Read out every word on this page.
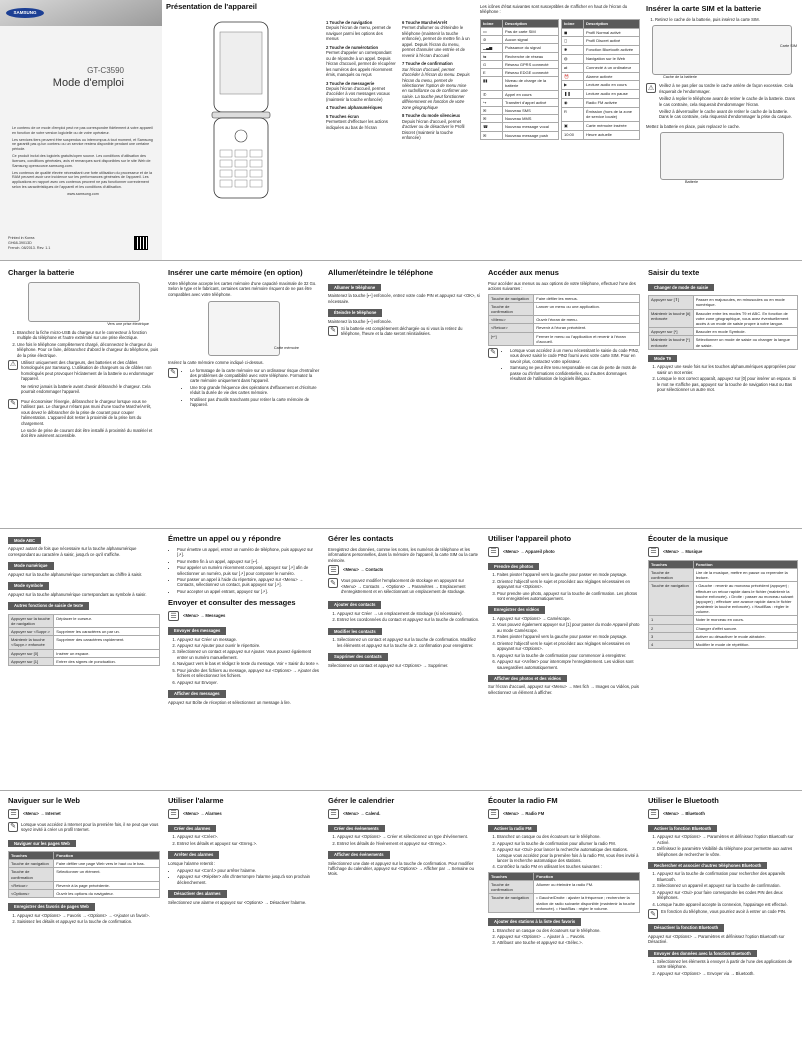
SAMSUNG
GT-C3590
Mode d'emploi

Le contenu de ce mode d'emploi peut ne pas correspondre fidèlement à votre appareil en fonction de votre version logicielle ou de votre opérateur.

Les services tiers peuvent être suspendus ou interrompus à tout moment, et Samsung ne garantit pas qu'un contenu ou un service restera disponible pendant une certaine période.

Ce produit inclut des logiciels gratuits/open source. Les conditions d'utilisation des licences, conditions générales, avis et remarques sont disponibles sur le site Web de Samsung opensource.samsung.com.

Les contenus de qualité élevée nécessitant une forte utilisation du processeur et de la RAM peuvent avoir une incidence sur les performances générales de l'appareil. Les applications en rapport avec ces contenus peuvent ne pas fonctionner correctement selon les caractéristiques de l'appareil et les conditions d'utilisation.

www.samsung.com

Printed in Korea
GH68-39013D
French. 08/2013. Rev. 1.1
Présentation de l'appareil
1 Touche de navigation
Depuis l'écran de menu, permet de naviguer parmi les options des menus
2 Touche de numérotation
Permet d'appeler un correspondant ou de répondre à un appel. Depuis l'écran d'accueil, permet de récupérer les numéros des appels récemment émis, manqués ou reçus
3 Touche de messagerie
Depuis l'écran d'accueil, permet d'accéder à vos messages vocaux (maintenir la touche enfoncée)
4 Touches alphanumériques
5 Touches écran
Permettent d'effectuer les actions indiquées au bas de l'écran
6 Touche Marche/Arrêt
Permet d'allumer ou d'éteindre le téléphone (maintenir la touche enfoncée), permet de mettre fin à un appel. Depuis l'écran du menu, permet d'annuler une entrée et de revenir à l'écran d'accueil
7 Touche de confirmation
Sur l'écran d'accueil, permet d'accéder à l'écran du menu. Depuis l'écran du menu, permet de sélectionner l'option de menu mise en surbrillance ou de confirmer une saisie. La touche peut fonctionner différemment en fonction de votre zone géographique
8 Touche du mode silencieux
Depuis l'écran d'accueil, permet d'activer ou de désactiver le Profil Discret (maintenir la touche enfoncée)

Les icônes d'état suivantes sont susceptibles de s'afficher en haut de l'écran du téléphone :

Icône	Description
▭	Pas de carte SIM
⊘	Aucun signal
▁▃▅	Puissance du signal
⇆	Recherche de réseau
G	Réseau GPRS connecté
E	Réseau EDGE connecté
▮▮	Niveau de charge de la batterie
✆	Appel en cours
↪	Transfert d'appel activé
✉	Nouveau SMS
✉	Nouveau MMS
☎	Nouveau message vocal
✉	Nouveau message push
Icône	Description
◼	Profil Normal activé
◻	Profil Discret activé
✱	Fonction Bluetooth activée
◍	Navigation sur le Web
⇌	Connecté à un ordinateur
⏰	Alarme activée
▶	Lecture audio en cours
❚❚	Lecture audio en pause
◉	Radio FM activée
R	Émission (hors de la zone de service locale)
▣	Carte mémoire insérée
10:00	Heure actuelle
Insérer la carte SIM et la batterie
1. Retirez le cache de la batterie, puis insérez la carte SIM.
Cache de la batterie
Carte SIM
⚠	Veillez à ne pas plier ou tordre le cache arrière de façon excessive. Cela risquerait de l'endommager.

Veillez à replier le téléphone avant de retirer le cache de la batterie. Dans le cas contraire, cela risquerait d'endommager l'écran.

Veillez à déverrouiller le cache avant de retirer le cache de la batterie. Dans le cas contraire, cela risquerait d'endommager la prise du casque.

Mettez la batterie en place, puis replacez le cache.

Batterie
Charger la batterie
Vers une prise électrique
1. Branchez la fiche micro-USB du chargeur sur le connecteur à fonction multiple du téléphone et l'autre extrémité sur une prise électrique.
2. Une fois le téléphone complètement chargé, déconnectez le chargeur du téléphone. Pour ce faire, débranchez d'abord le chargeur du téléphone, puis de la prise électrique.
⚠	Utilisez uniquement des chargeurs, des batteries et des câbles homologués par Samsung. L'utilisation de chargeurs ou de câbles non homologués peut provoquer l'éclatement de la batterie ou endommager l'appareil.

Ne retirez jamais la batterie avant d'avoir débranché le chargeur. Cela pourrait endommager l'appareil.

✎	Pour économiser l'énergie, débranchez le chargeur lorsque vous ne l'utilisez pas. Le chargeur n'étant pas muni d'une touche Marche/Arrêt, vous devez le débrancher de la prise de courant pour couper l'alimentation. L'appareil doit rester à proximité de la prise lors du chargement.

Le socle de prise de courant doit être installé à proximité du matériel et doit être aisément accessible.

Insérer une carte mémoire (en option)

Votre téléphone accepte les cartes mémoire d'une capacité maximale de 32 Go. Selon le type et le fabricant, certaines cartes mémoire risquent de ne pas être compatibles avec votre téléphone.

Carte mémoire

Insérez la carte mémoire comme indiqué ci-dessus.

✎	• Le formatage de la carte mémoire sur un ordinateur risque d'entraîner des problèmes de compatibilité avec votre téléphone. Formatez la carte mémoire uniquement dans l'appareil.
• Une trop grande fréquence des opérations d'effacement et d'écriture réduit la durée de vie des cartes mémoire.
• N'utilisez pas d'outils tranchants pour retirer la carte mémoire de l'appareil.
Allumer/éteindre le téléphone
Allumer le téléphone

Maintenez la touche [↩] enfoncée, entrez votre code PIN et appuyez sur <OK>, si nécessaire.

Éteindre le téléphone

Maintenez la touche [↩] enfoncée.

✎	Si la batterie est complètement déchargée ou si vous la retirez du téléphone, l'heure et la date seront réinitialisées.

Accéder aux menus

Pour accéder aux menus ou aux options de votre téléphone, effectuez l'une des actions suivantes :

Touche de navigation	Faire défiler les menus.
Touche de confirmation	Lancer un menu ou une application.
<Menu>	Ouvrir l'écran de menu.
<Retour>	Revenir à l'écran précédent.
[↩]	Fermer le menu ou l'application et revenir à l'écran d'accueil.
✎	• Lorsque vous accédez à un menu nécessitant le saisie du code PIN2, vous devez saisir le code PIN2 fourni avec votre carte SIM. Pour en savoir plus, contactez votre opérateur.
• Samsung ne peut être tenu responsable en cas de perte de mots de passe ou d'informations confidentielles, ou d'autres dommages résultant de l'utilisation de logiciels illégaux.
Saisir du texte
Changer de mode de saisie
Appuyer sur [⇑]	Passer en majuscules, en minuscules ou en mode numérique.
Maintenir la touche [#] enfoncée	Basculer entre les modes T9 et ABC. En fonction de votre zone géographique, vous avez éventuellement accès à un mode de saisie propre à votre langue.
Appuyer sur [*]	Basculer en mode Symbole.
Maintenir la touche [*] enfoncée	Sélectionner un mode de saisie ou changer la langue de saisie.
Mode T9
1. Appuyez une seule fois sur les touches alphanumériques appropriées pour saisir un mot entier.
2. Lorsque le mot correct apparaît, appuyez sur [0] pour insérer un espace. Si le mot ne s'affiche pas, appuyez sur la touche de navigation Haut ou Bas pour sélectionner un autre mot.
Mode ABC

Appuyez autant de fois que nécessaire sur la touche alphanumérique correspondant au caractère à saisir, jusqu'à ce qu'il s'affiche.

Mode numérique

Appuyez sur la touche alphanumérique correspondant au chiffre à saisir.

Mode symbole

Appuyez sur la touche alphanumérique correspondant au symbole à saisir.

Autres fonctions de saisie de texte
Appuyer sur la touche de navigation	Déplacer le curseur.
Appuyer sur <Suppr.>	Supprimer les caractères un par un.
Maintenir la touche <Suppr.> enfoncée	Supprimer des caractères rapidement.
Appuyer sur [0]	Insérer un espace.
Appuyer sur [1]	Entrer des signes de ponctuation.
Émettre un appel ou y répondre
• Pour émettre un appel, entrez un numéro de téléphone, puis appuyez sur [↗].
• Pour mettre fin à un appel, appuyez sur [↩].
• Pour appeler un numéro récemment composé, appuyez sur [↗] afin de sélectionner un numéro, puis sur [↗] pour composer le numéro.
• Pour passer un appel à l'aide du répertoire, appuyez sur <Menu> → Contacts, sélectionnez un contact, puis appuyez sur [↗].
• Pour accepter un appel entrant, appuyez sur [↗].
Envoyer et consulter des messages
☰	<Menu> → Messages
Envoyer des messages
1. Appuyez sur Créer un message.
2. Appuyez sur Ajouter pour ouvrir le répertoire.
3. Sélectionnez un contact et appuyez sur Ajouter. Vous pouvez également entrer un numéro manuellement.
4. Naviguez vers le bas et rédigez le texte du message. Voir « Saisir du texte ».
5. Pour joindre des fichiers au message, appuyez sur <Options> → Ajouter des fichiers et sélectionnez les fichiers.
6. Appuyez sur Envoyer.
Afficher des messages

Appuyez sur Boîte de réception et sélectionnez un message à lire.

Gérer les contacts

Enregistrez des données, comme les noms, les numéros de téléphone et les informations personnelles, dans la mémoire de l'appareil, la carte SIM ou la carte mémoire.

☰	<Menu> → Contacts
✎	Vous pouvez modifier l'emplacement de stockage en appuyant sur <Menu> → Contacts → <Options> → Paramètres → Emplacement d'enregistrement et en sélectionnant un emplacement de stockage.

Ajouter des contacts
1. Appuyez sur Créer → un emplacement de stockage (si nécessaire).
2. Entrez les coordonnées du contact et appuyez sur la touche de confirmation.
Modifier les contacts
1. Sélectionnez un contact et appuyez sur la touche de confirmation. Modifiez les éléments et appuyez sur la touche de 2. confirmation pour enregistrer.
Supprimer des contacts

Sélectionnez un contact et appuyez sur <Options> → Supprimer.

Utiliser l'appareil photo
☰	<Menu> → Appareil photo
Prendre des photos
1. Faites pivoter l'appareil vers la gauche pour passer en mode paysage.
2. Orientez l'objectif vers le sujet et procédez aux réglages nécessaires en appuyant sur <Options>.
3. Pour prendre une photo, appuyez sur la touche de confirmation. Les photos sont enregistrées automatiquement.
Enregistrer des vidéos
1. Appuyez sur <Options> → Caméscope.
2. Vous pouvez également appuyer sur [1] pour passer du mode Appareil photo au mode Caméscope.
3. Faites pivoter l'appareil vers la gauche pour passer en mode paysage.
4. Orientez l'objectif vers le sujet et procédez aux réglages nécessaires en appuyant sur <Options>.
5. Appuyez sur la touche de confirmation pour commencer à enregistrer.
6. Appuyez sur <Arrêter> pour interrompre l'enregistrement. Les vidéos sont sauvegardées automatiquement.
Afficher des photos et des vidéos

Sur l'écran d'accueil, appuyez sur <Menu> → Mes fich → Images ou Vidéos, puis sélectionnez un élément à afficher.

Écouter de la musique
☰	<Menu> → Musique
Touches	Fonction
Touche de confirmation	Lire de la musique, mettre en pause ou reprendre la lecture.
Touche de navigation	• Gauche : revenir au morceau précédent (appuyer) ; effectuer un retour rapide dans le fichier (maintenir la touche enfoncée). • Droite : passer au morceau suivant (appuyer) ; effectuer une avance rapide dans le fichier (maintenir la touche enfoncée). • Haut/Bas : régler le volume.
1	Noter le morceau en cours.
2	Changer d'effet sonore.
3	Activer ou désactiver le mode aléatoire.
4	Modifier le mode de répétition.
Naviguer sur le Web
☰	<Menu> → Internet
✎	Lorsque vous accédez à Internet pour la première fois, il se peut que vous soyez invité à créer un profil Internet.

Naviguer sur les pages Web
Touches	Fonction
Touche de navigation	Faire défiler une page Web vers le haut ou le bas.
Touche de confirmation	Sélectionner un élément.
<Retour>	Revenir à la page précédente.
<Options>	Ouvrir les options du navigateur.
Enregistrer des favoris de pages Web
1. Appuyez sur <Options> → Favoris → <Options> → <Ajouter un favori>.
2. Saisissez les détails et appuyez sur la touche de confirmation.
Utiliser l'alarme
☰	<Menu> → Alarmes
Créer des alarmes
1. Appuyez sur <Créer>.
2. Entrez les détails et appuyez sur <Enreg.>.
Arrêter des alarmes

Lorsque l'alarme retentit :

• Appuyez sur <Conf.> pour arrêter l'alarme.
• Appuyez sur <Répéter> afin d'interrompre l'alarme jusqu'à son prochain déclenchement.
Désactiver des alarmes

Sélectionnez une alarme et appuyez sur <Options> → Désactiver l'alarme.

Gérer le calendrier
☰	<Menu> → Calend.
Créer des événements
1. Appuyez sur <Options> → Créer et sélectionnez un type d'événement.
2. Entrez les détails de l'événement et appuyez sur <Enreg.>.
Afficher des événements

Sélectionnez une date et appuyez sur la touche de confirmation. Pour modifier l'affichage du calendrier, appuyez sur <Options> → Afficher par → Semaine ou Mois.

Écouter la radio FM
☰	<Menu> → Radio FM
Activer la radio FM
1. Branchez un casque ou des écouteurs sur le téléphone.
2. Appuyez sur la touche de confirmation pour allumer la radio FM.
3. Appuyez sur <Oui> pour lancer la recherche automatique des stations. Lorsque vous accédez pour la première fois à la radio FM, vous êtes invité à lancer la recherche automatique des stations.
4. Contrôlez la radio FM en utilisant les touches suivantes :
Touches	Fonction
Touche de confirmation	Allumer ou éteindre la radio FM.
Touche de navigation	• Gauche/Droite : ajuster la fréquence ; rechercher la station de radio suivante disponible (maintenir la touche enfoncée). • Haut/Bas : régler le volume.
Ajouter des stations à la liste des favoris
1. Branchez un casque ou des écouteurs sur le téléphone.
2. Appuyez sur <Options> → Ajouter à → Favoris.
3. Attribuez une touche et appuyez sur <Sélec.>.
Utiliser le Bluetooth
☰	<Menu> → Bluetooth
Activer la fonction Bluetooth
1. Appuyez sur <Options> → Paramètres et définissez l'option Bluetooth sur Activé.
2. Définissez le paramètre Visibilité du téléphone pour permettre aux autres téléphones de rechercher le vôtre.
Rechercher et associer d'autres téléphones Bluetooth
1. Appuyez sur la touche de confirmation pour rechercher des appareils Bluetooth.
2. Sélectionnez un appareil et appuyez sur la touche de confirmation.
3. Appuyez sur <Oui> pour faire correspondre les codes PIN des deux téléphones.
4. Lorsque l'autre appareil accepte la connexion, l'appairage est effectué.
✎	En fonction du téléphone, vous pourriez avoir à entrer un code PIN.

Désactiver la fonction Bluetooth

Appuyez sur <Options> → Paramètres et définissez l'option Bluetooth sur Désactivé.

Envoyer des données avec la fonction Bluetooth
1. Sélectionnez les éléments à envoyer à partir de l'une des applications de votre téléphone.
2. Appuyez sur <Options> → Envoyer via → Bluetooth.
